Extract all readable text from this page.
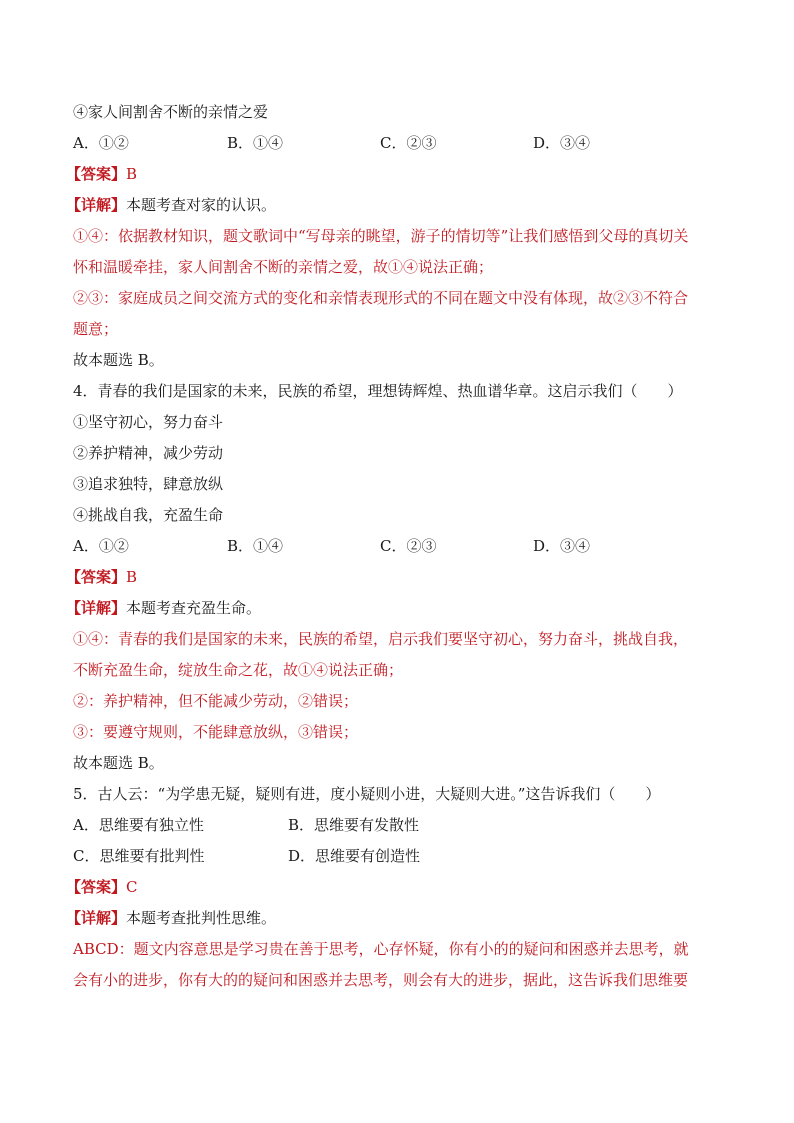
④家人间割舍不断的亲情之爱
A．①②	B．①④	C．②③	D．③④
【答案】B
【详解】本题考查对家的认识。
①④：依据教材知识，题文歌词中“写母亲的眺望，游子的情切等”让我们感悟到父母的真切关
怀和温暖牵挂，家人间割舍不断的亲情之爱，故①④说法正确；
②③：家庭成员之间交流方式的变化和亲情表现形式的不同在题文中没有体现，故②③不符合
题意；
故本题选 B。
4．青春的我们是国家的未来，民族的希望，理想铸辉煌、热血谱华章。这启示我们（　　）
①坚守初心，努力奋斗
②养护精神，减少劳动
③追求独特，肆意放纵
④挑战自我，充盈生命
A．①②	B．①④	C．②③	D．③④
【答案】B
【详解】本题考查充盈生命。
①④：青春的我们是国家的未来，民族的希望，启示我们要坚守初心，努力奋斗，挑战自我，
不断充盈生命，绽放生命之花，故①④说法正确；
②：养护精神，但不能减少劳动，②错误；
③：要遵守规则，不能肆意放纵，③错误；
故本题选 B。
5．古人云：“为学患无疑，疑则有进，度小疑则小进，大疑则大进。”这告诉我们（　　）
A．思维要有独立性	B．思维要有发散性
C．思维要有批判性	D．思维要有创造性
【答案】C
【详解】本题考查批判性思维。
ABCD：题文内容意思是学习贵在善于思考，心存怀疑，你有小的的疑问和困惑并去思考，就
会有小的进步，你有大的的疑问和困惑并去思考，则会有大的进步，据此，这告诉我们思维要
